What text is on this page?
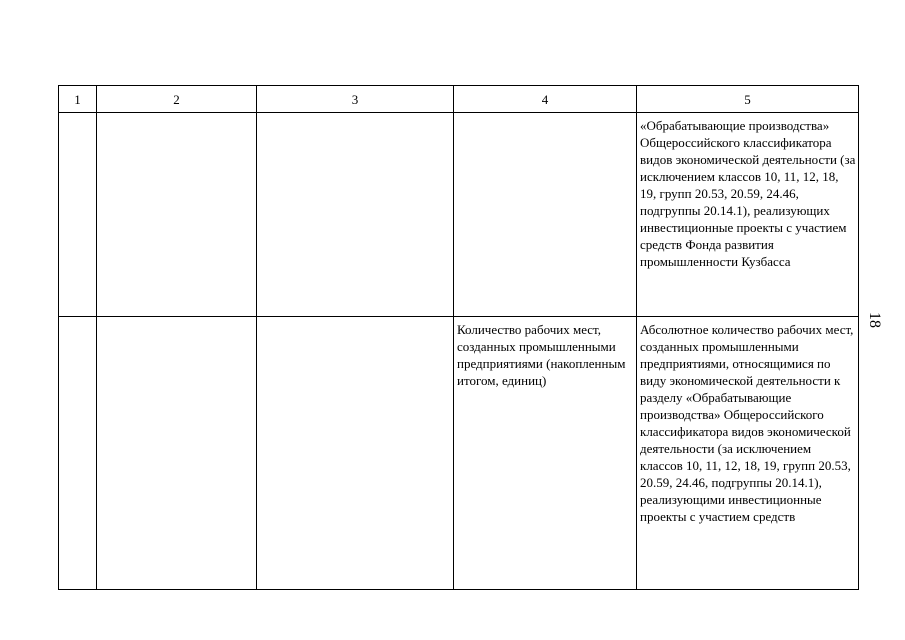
1	2	3	4	5
				«Обрабатывающие производства» Общероссийского классификатора видов экономической деятельности (за исключением классов 10, 11, 12, 18, 19, групп 20.53, 20.59, 24.46, подгруппы 20.14.1), реализующих инвестиционные проекты с участием средств Фонда развития промышленности Кузбасса
			Количество рабочих мест, созданных промышленными предприятиями (накопленным итогом, единиц)	Абсолютное количество рабочих мест, созданных промышленными предприятиями, относящимися по виду экономической деятельности к разделу «Обрабатывающие производства» Общероссийского классификатора видов экономической деятельности (за исключением классов 10, 11, 12, 18, 19, групп 20.53, 20.59, 24.46, подгруппы 20.14.1), реализующими инвестиционные проекты с участием средств
18
